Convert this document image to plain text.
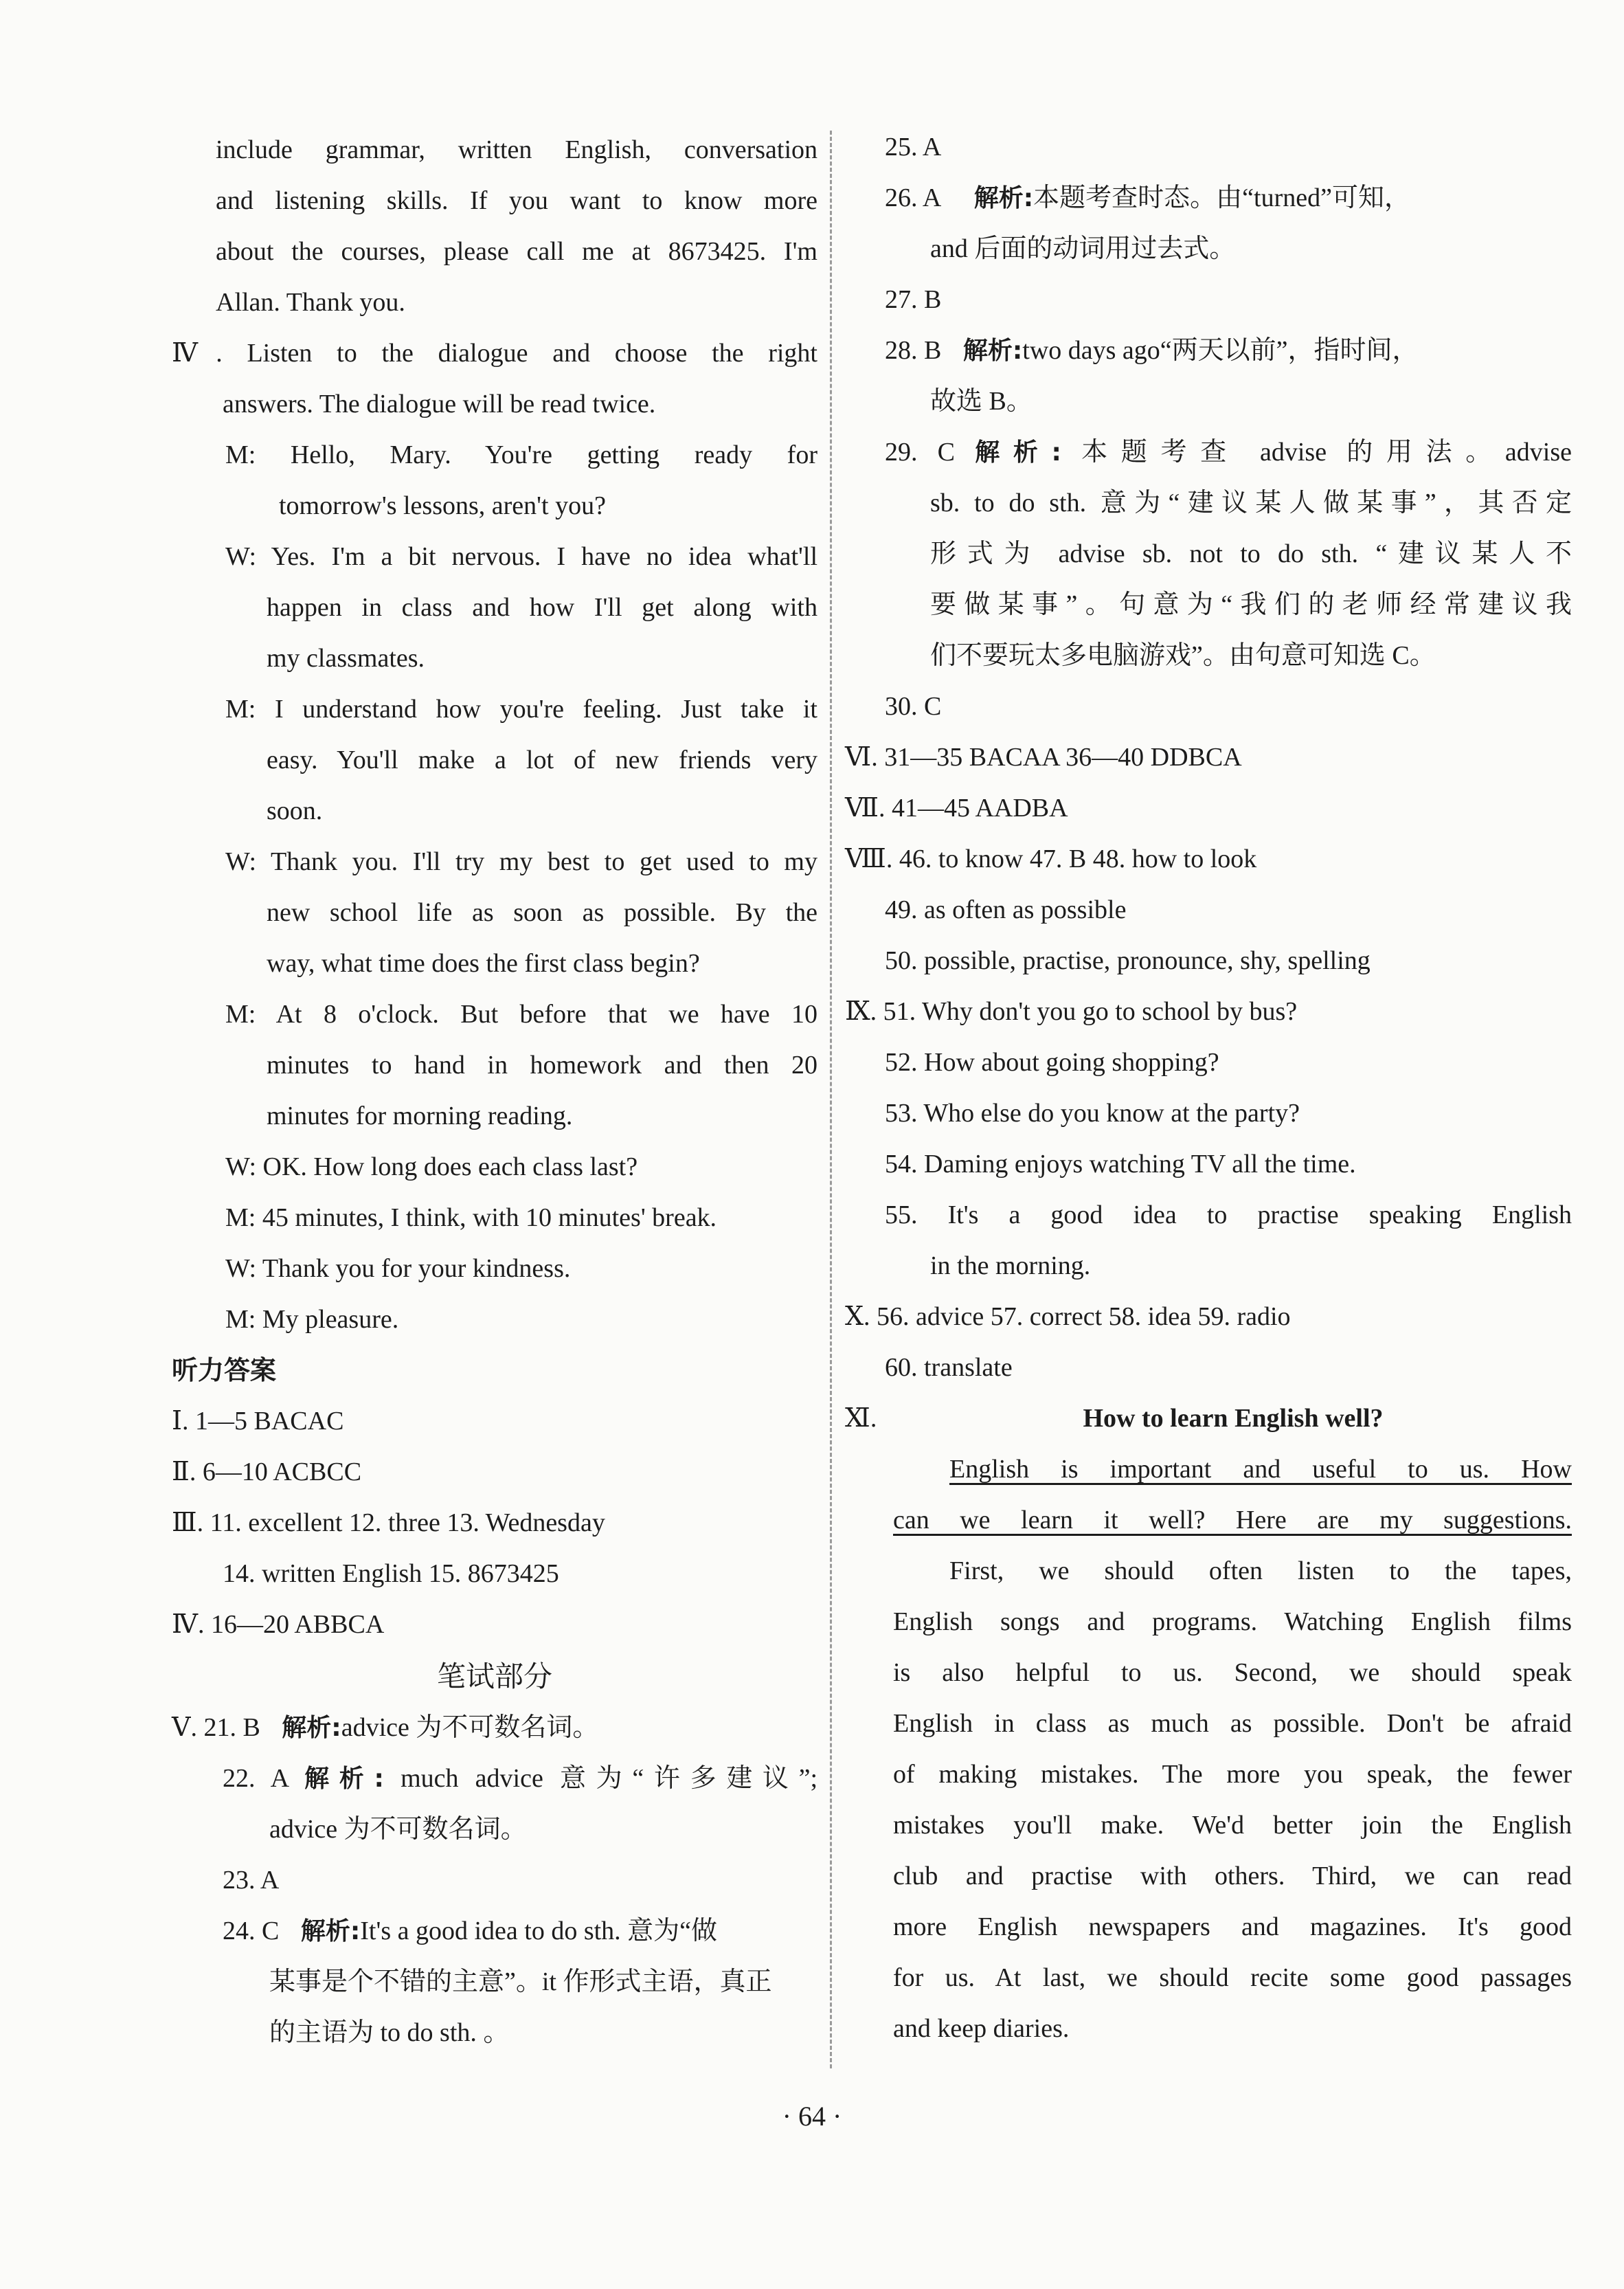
include grammar, written English, conversation
and listening skills. If you want to know more
about the courses, please call me at 8673425. I'm
Allan. Thank you.
Ⅳ. Listen to the dialogue and choose the right
answers. The dialogue will be read twice.
M: Hello, Mary. You're getting ready for
tomorrow's lessons, aren't you?
W: Yes. I'm a bit nervous. I have no idea what'll
happen in class and how I'll get along with
my classmates.
M: I understand how you're feeling. Just take it
easy. You'll make a lot of new friends very
soon.
W: Thank you. I'll try my best to get used to my
new school life as soon as possible. By the
way, what time does the first class begin?
M: At 8 o'clock. But before that we have 10
minutes to hand in homework and then 20
minutes for morning reading.
W: OK. How long does each class last?
M: 45 minutes, I think, with 10 minutes' break.
W: Thank you for your kindness.
M: My pleasure.
听力答案
Ⅰ. 1—5 BACAC
Ⅱ. 6—10 ACBCC
Ⅲ. 11. excellent 12. three 13. Wednesday
14. written English 15. 8673425
Ⅳ. 16—20 ABBCA
笔试部分
Ⅴ. 21. B 解析:advice 为不可数名词。
22. A 解析: much advice 意为“许多建议”;
advice 为不可数名词。
23. A
24. C 解析:It's a good idea to do sth. 意为“做
某事是个不错的主意”。it 作形式主语，真正
的主语为 to do sth. 。
25. A
26. A 解析:本题考查时态。由“turned”可知，
and 后面的动词用过去式。
27. B
28. B 解析:two days ago“两天以前”，指时间，
故选 B。
29. C 解析: 本题考查 advise 的用法。advise
sb. to do sth. 意为“建议某人做某事”，其否定
形式为 advise sb. not to do sth. “建议某人不
要做某事”。句意为“我们的老师经常建议我
们不要玩太多电脑游戏”。由句意可知选 C。
30. C
Ⅵ. 31—35 BACAA 36—40 DDBCA
Ⅶ. 41—45 AADBA
Ⅷ. 46. to know 47. B 48. how to look
49. as often as possible
50. possible, practise, pronounce, shy, spelling
Ⅸ. 51. Why don't you go to school by bus?
52. How about going shopping?
53. Who else do you know at the party?
54. Daming enjoys watching TV all the time.
55. It's a good idea to practise speaking English
in the morning.
Ⅹ. 56. advice 57. correct 58. idea 59. radio
60. translate
Ⅺ.	How to learn English well?
English is important and useful to us. How
can we learn it well? Here are my suggestions.
First, we should often listen to the tapes,
English songs and programs. Watching English films
is also helpful to us. Second, we should speak
English in class as much as possible. Don't be afraid
of making mistakes. The more you speak, the fewer
mistakes you'll make. We'd better join the English
club and practise with others. Third, we can read
more English newspapers and magazines. It's good
for us. At last, we should recite some good passages
and keep diaries.
· 64 ·
